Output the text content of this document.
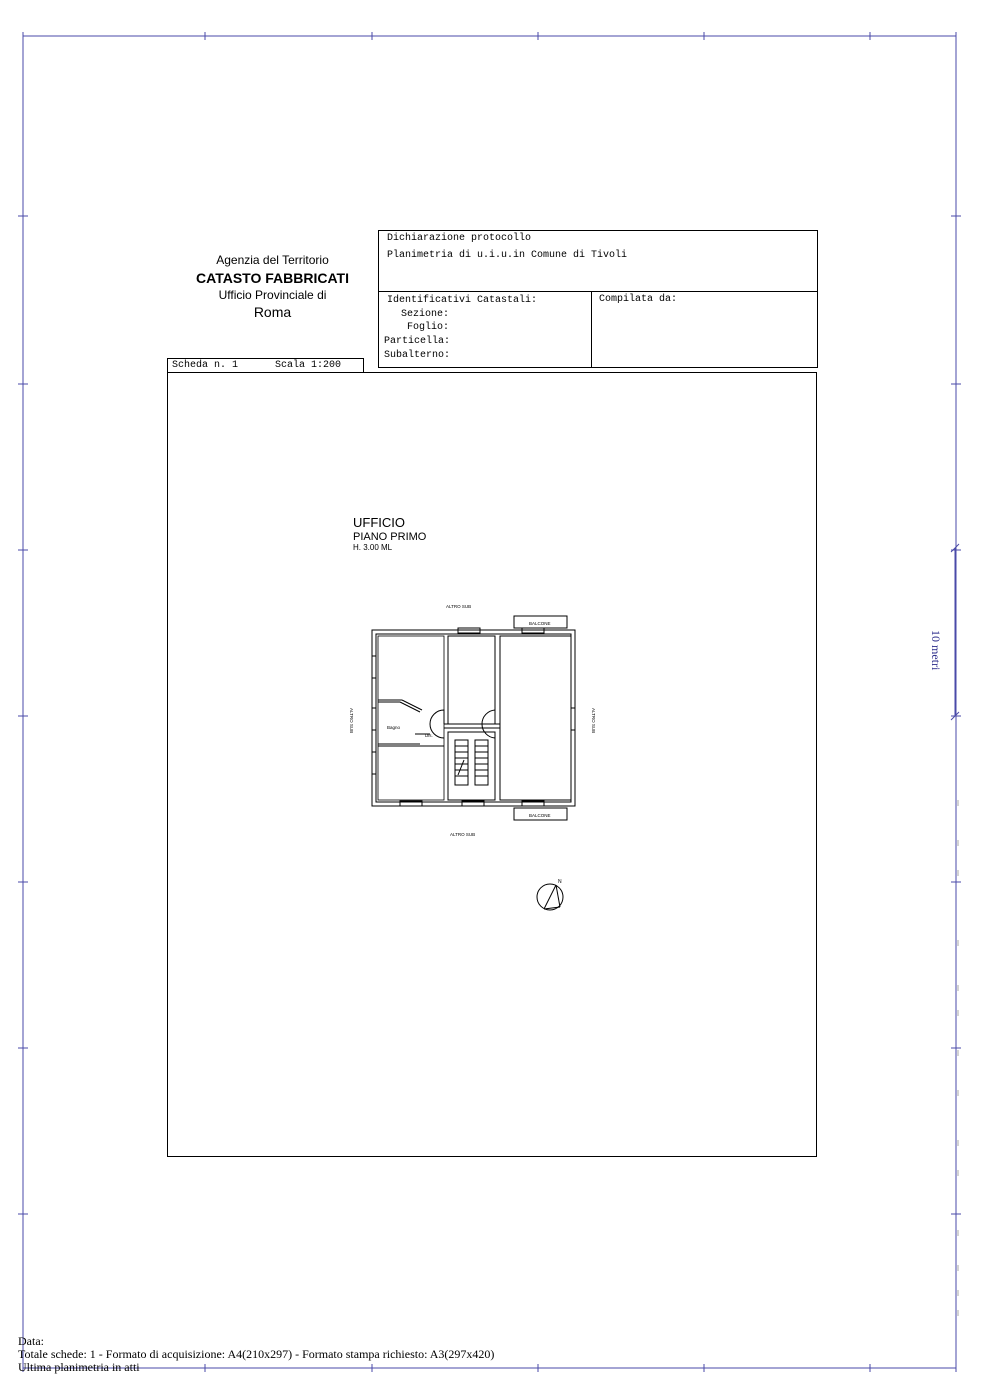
10 metri
Agenzia del Territorio
CATASTO FABBRICATI
Ufficio Provinciale di
Roma
Dichiarazione protocollo
Planimetria di u.i.u.in Comune di Tivoli
Identificativi Catastali:
Sezione:
Foglio:
Particella:
Subalterno:
Compilata da:
Scheda n. 1	Scala 1:200
UFFICIO
PIANO PRIMO
H. 3.00 ML
ALTRO SUB
ALTRO SUB
ALTRO SUB	ALTRO SUB
BALCONE
BALCONE
Bagno
Dis.
N
Data:
Totale schede: 1 - Formato di acquisizione: A4(210x297) - Formato stampa richiesto: A3(297x420)
Ultima planimetria in atti
